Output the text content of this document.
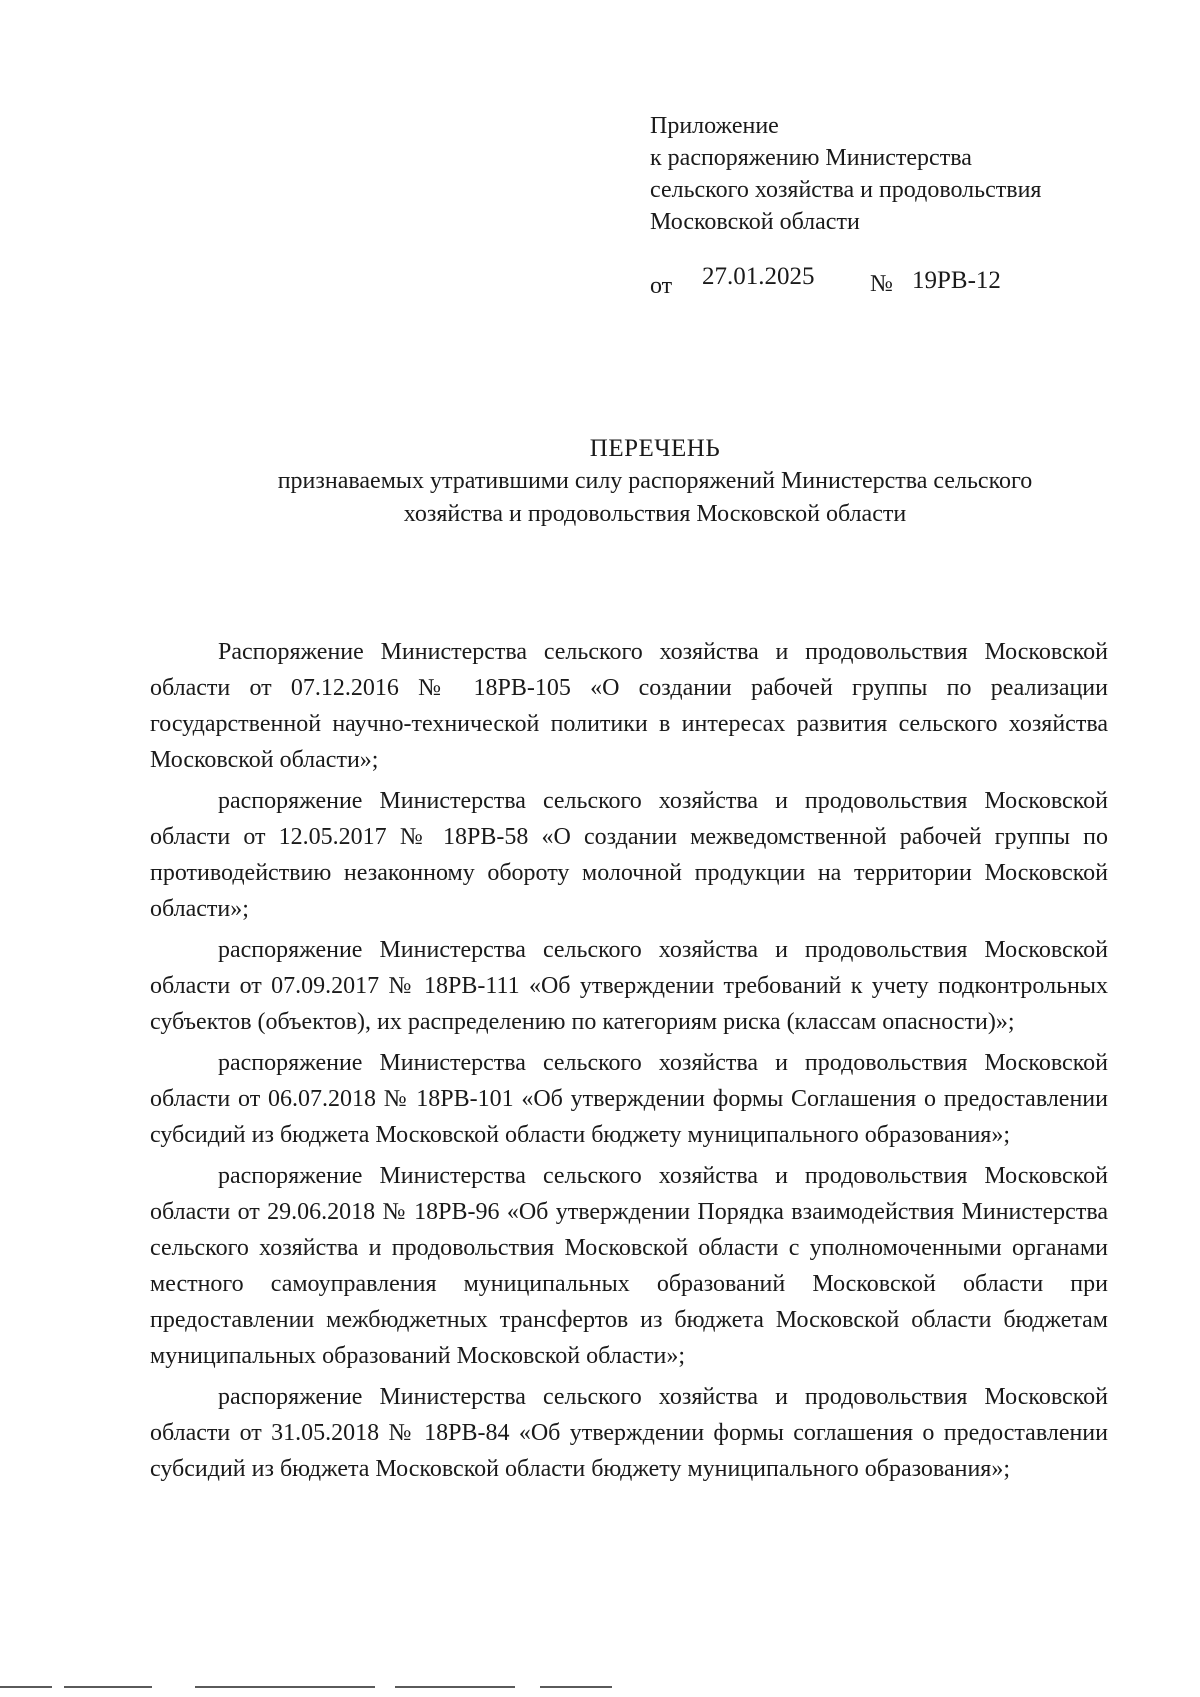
Приложение
к распоряжению Министерства
сельского хозяйства и продовольствия
Московской области
от 27.01.2025 № 19РВ-12
ПЕРЕЧЕНЬ
признаваемых утратившими силу распоряжений Министерства сельского
хозяйства и продовольствия Московской области

Распоряжение Министерства сельского хозяйства и продовольствия Московской области от 07.12.2016 № 18РВ-105 «О создании рабочей группы по реализации государственной научно-технической политики в интересах развития сельского хозяйства Московской области»;

распоряжение Министерства сельского хозяйства и продовольствия Московской области от 12.05.2017 № 18РВ-58 «О создании межведомственной рабочей группы по противодействию незаконному обороту молочной продукции на территории Московской области»;

распоряжение Министерства сельского хозяйства и продовольствия Московской области от 07.09.2017 № 18РВ-111 «Об утверждении требований к учету подконтрольных субъектов (объектов), их распределению по категориям риска (классам опасности)»;

распоряжение Министерства сельского хозяйства и продовольствия Московской области от 06.07.2018 № 18РВ-101 «Об утверждении формы Соглашения о предоставлении субсидий из бюджета Московской области бюджету муниципального образования»;

распоряжение Министерства сельского хозяйства и продовольствия Московской области от 29.06.2018 № 18РВ-96 «Об утверждении Порядка взаимодействия Министерства сельского хозяйства и продовольствия Московской области с уполномоченными органами местного самоуправления муниципальных образований Московской области при предоставлении межбюджетных трансфертов из бюджета Московской области бюджетам муниципальных образований Московской области»;

распоряжение Министерства сельского хозяйства и продовольствия Московской области от 31.05.2018 № 18РВ-84 «Об утверждении формы соглашения о предоставлении субсидий из бюджета Московской области бюджету муниципального образования»;
